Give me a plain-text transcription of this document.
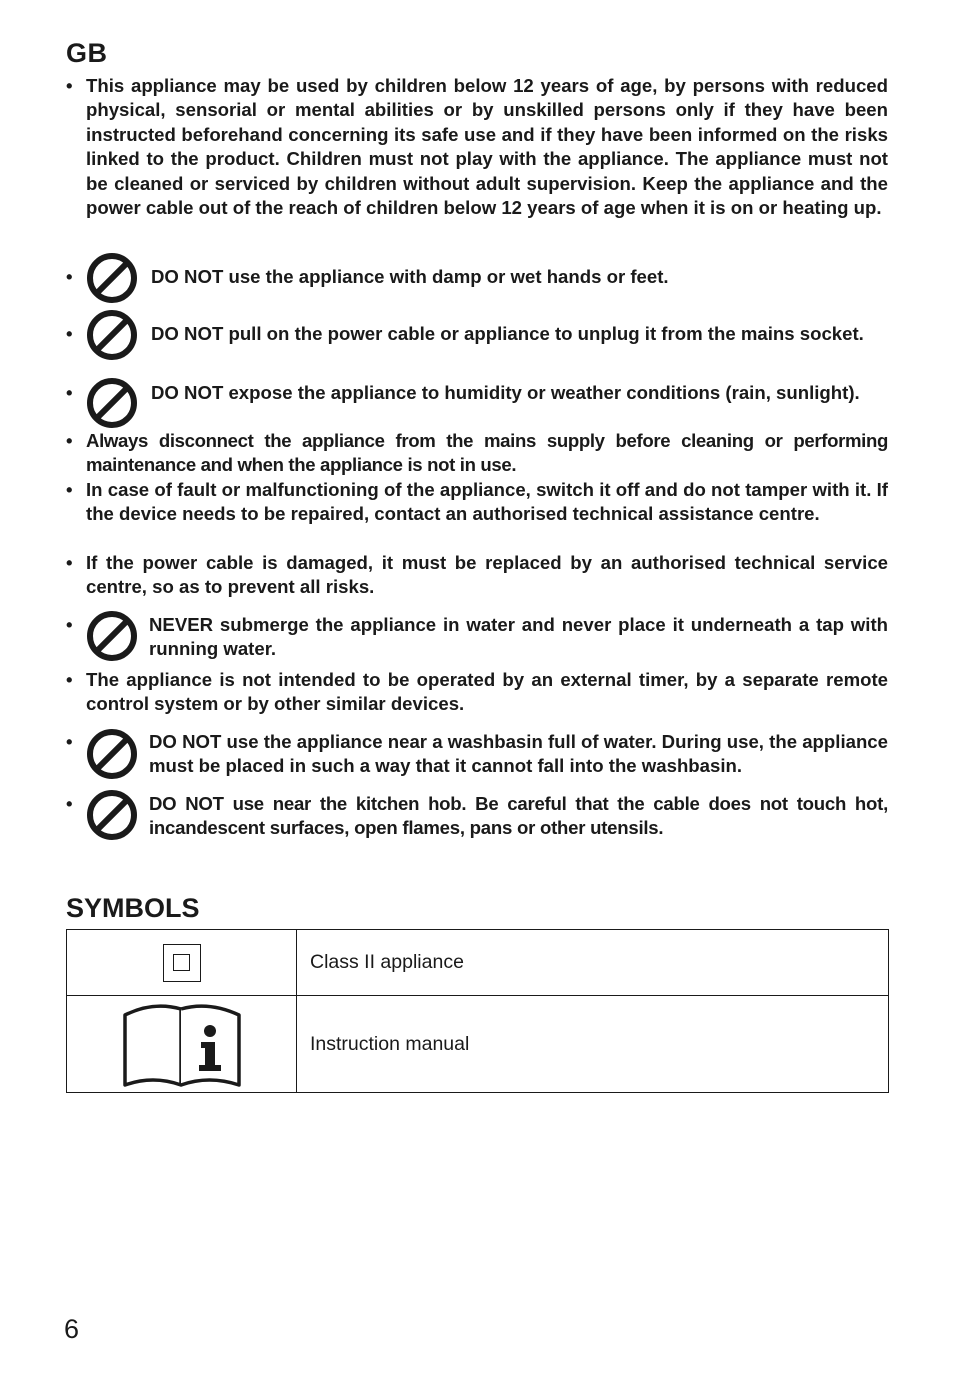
GB
• This appliance may be used by children below 12 years of age, by persons with reduced physical, sensorial or mental abilities or by unskilled persons only if they have been instructed beforehand concerning its safe use and if they have been informed on the risks linked to the product. Children must not play with the appliance. The appliance must not be cleaned or serviced by children without adult supervision. Keep the appliance and the power cable out of the reach of children below 12 years of age when it is on or heating up.
•	DO NOT use the appliance with damp or wet hands or feet.
•	DO NOT pull on the power cable or appliance to unplug it from the mains socket.
•	DO NOT expose the appliance to humidity or weather conditions (rain, sunlight).
• Always disconnect the appliance from the mains supply before cleaning or performing maintenance and when the appliance is not in use.
• In case of fault or malfunctioning of the appliance, switch it off and do not tamper with it. If the device needs to be repaired, contact an authorised technical assistance centre.
• If the power cable is damaged, it must be replaced by an authorised technical service centre, so as to prevent all risks.
•	NEVER submerge the appliance in water and never place it underneath a tap with running water.
• The appliance is not intended to be operated by an external timer, by a separate remote control system or by other similar devices.
•	DO NOT use the appliance near a washbasin full of water. During use, the appliance must be placed in such a way that it cannot fall into the washbasin.
•	DO NOT use near the kitchen hob. Be careful that the cable does not touch hot, incandescent surfaces, open flames, pans or other utensils.
SYMBOLS
	Class II appliance
	Instruction manual
6
